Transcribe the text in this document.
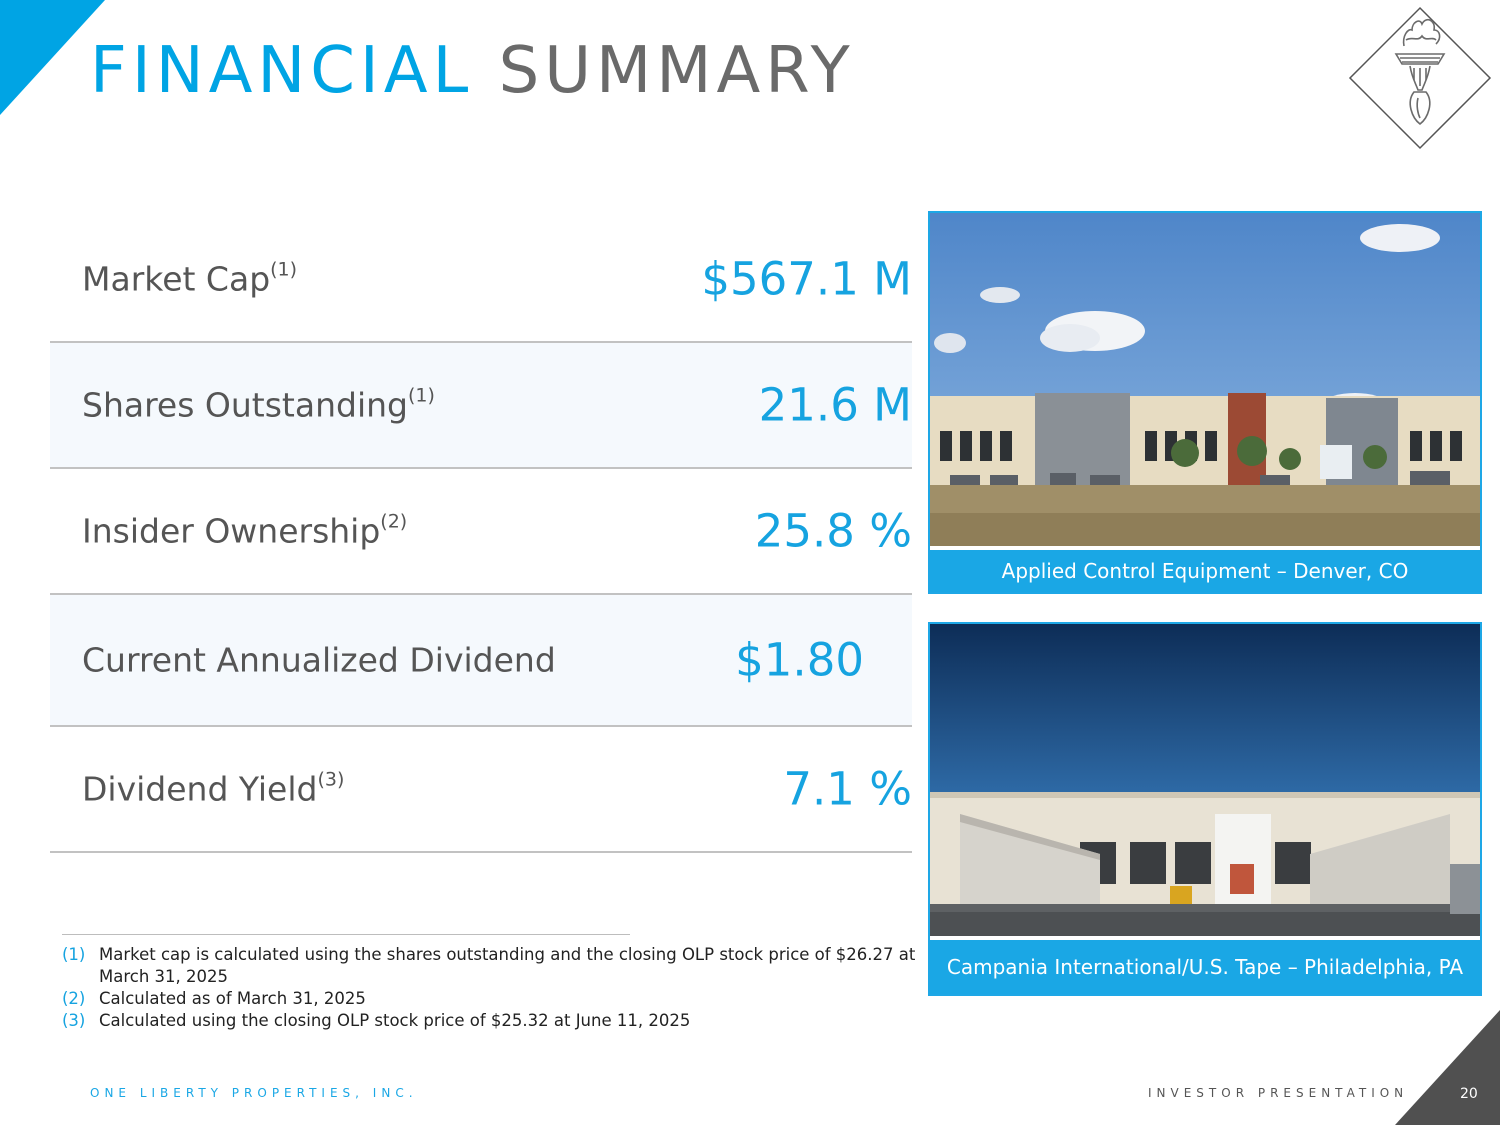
FINANCIAL SUMMARY
Market Cap$^{(1)}$	$567.1 M
Shares Outstanding$^{(1)}$	21.6 M
Insider Ownership$^{(2)}$	25.8 %
Current Annualized Dividend	$1.80
Dividend Yield$^{(3)}$	7.1 %
(1) Market cap is calculated using the shares outstanding and the closing OLP stock price of $26.27 at March 31, 2025
(2) Calculated as of March 31, 2025
(3) Calculated using the closing OLP stock price of $25.32 at June 11, 2025
Applied Control Equipment – Denver, CO
Campania International/U.S. Tape – Philadelphia, PA
ONE LIBERTY PROPERTIES, INC.	INVESTOR PRESENTATION	20
